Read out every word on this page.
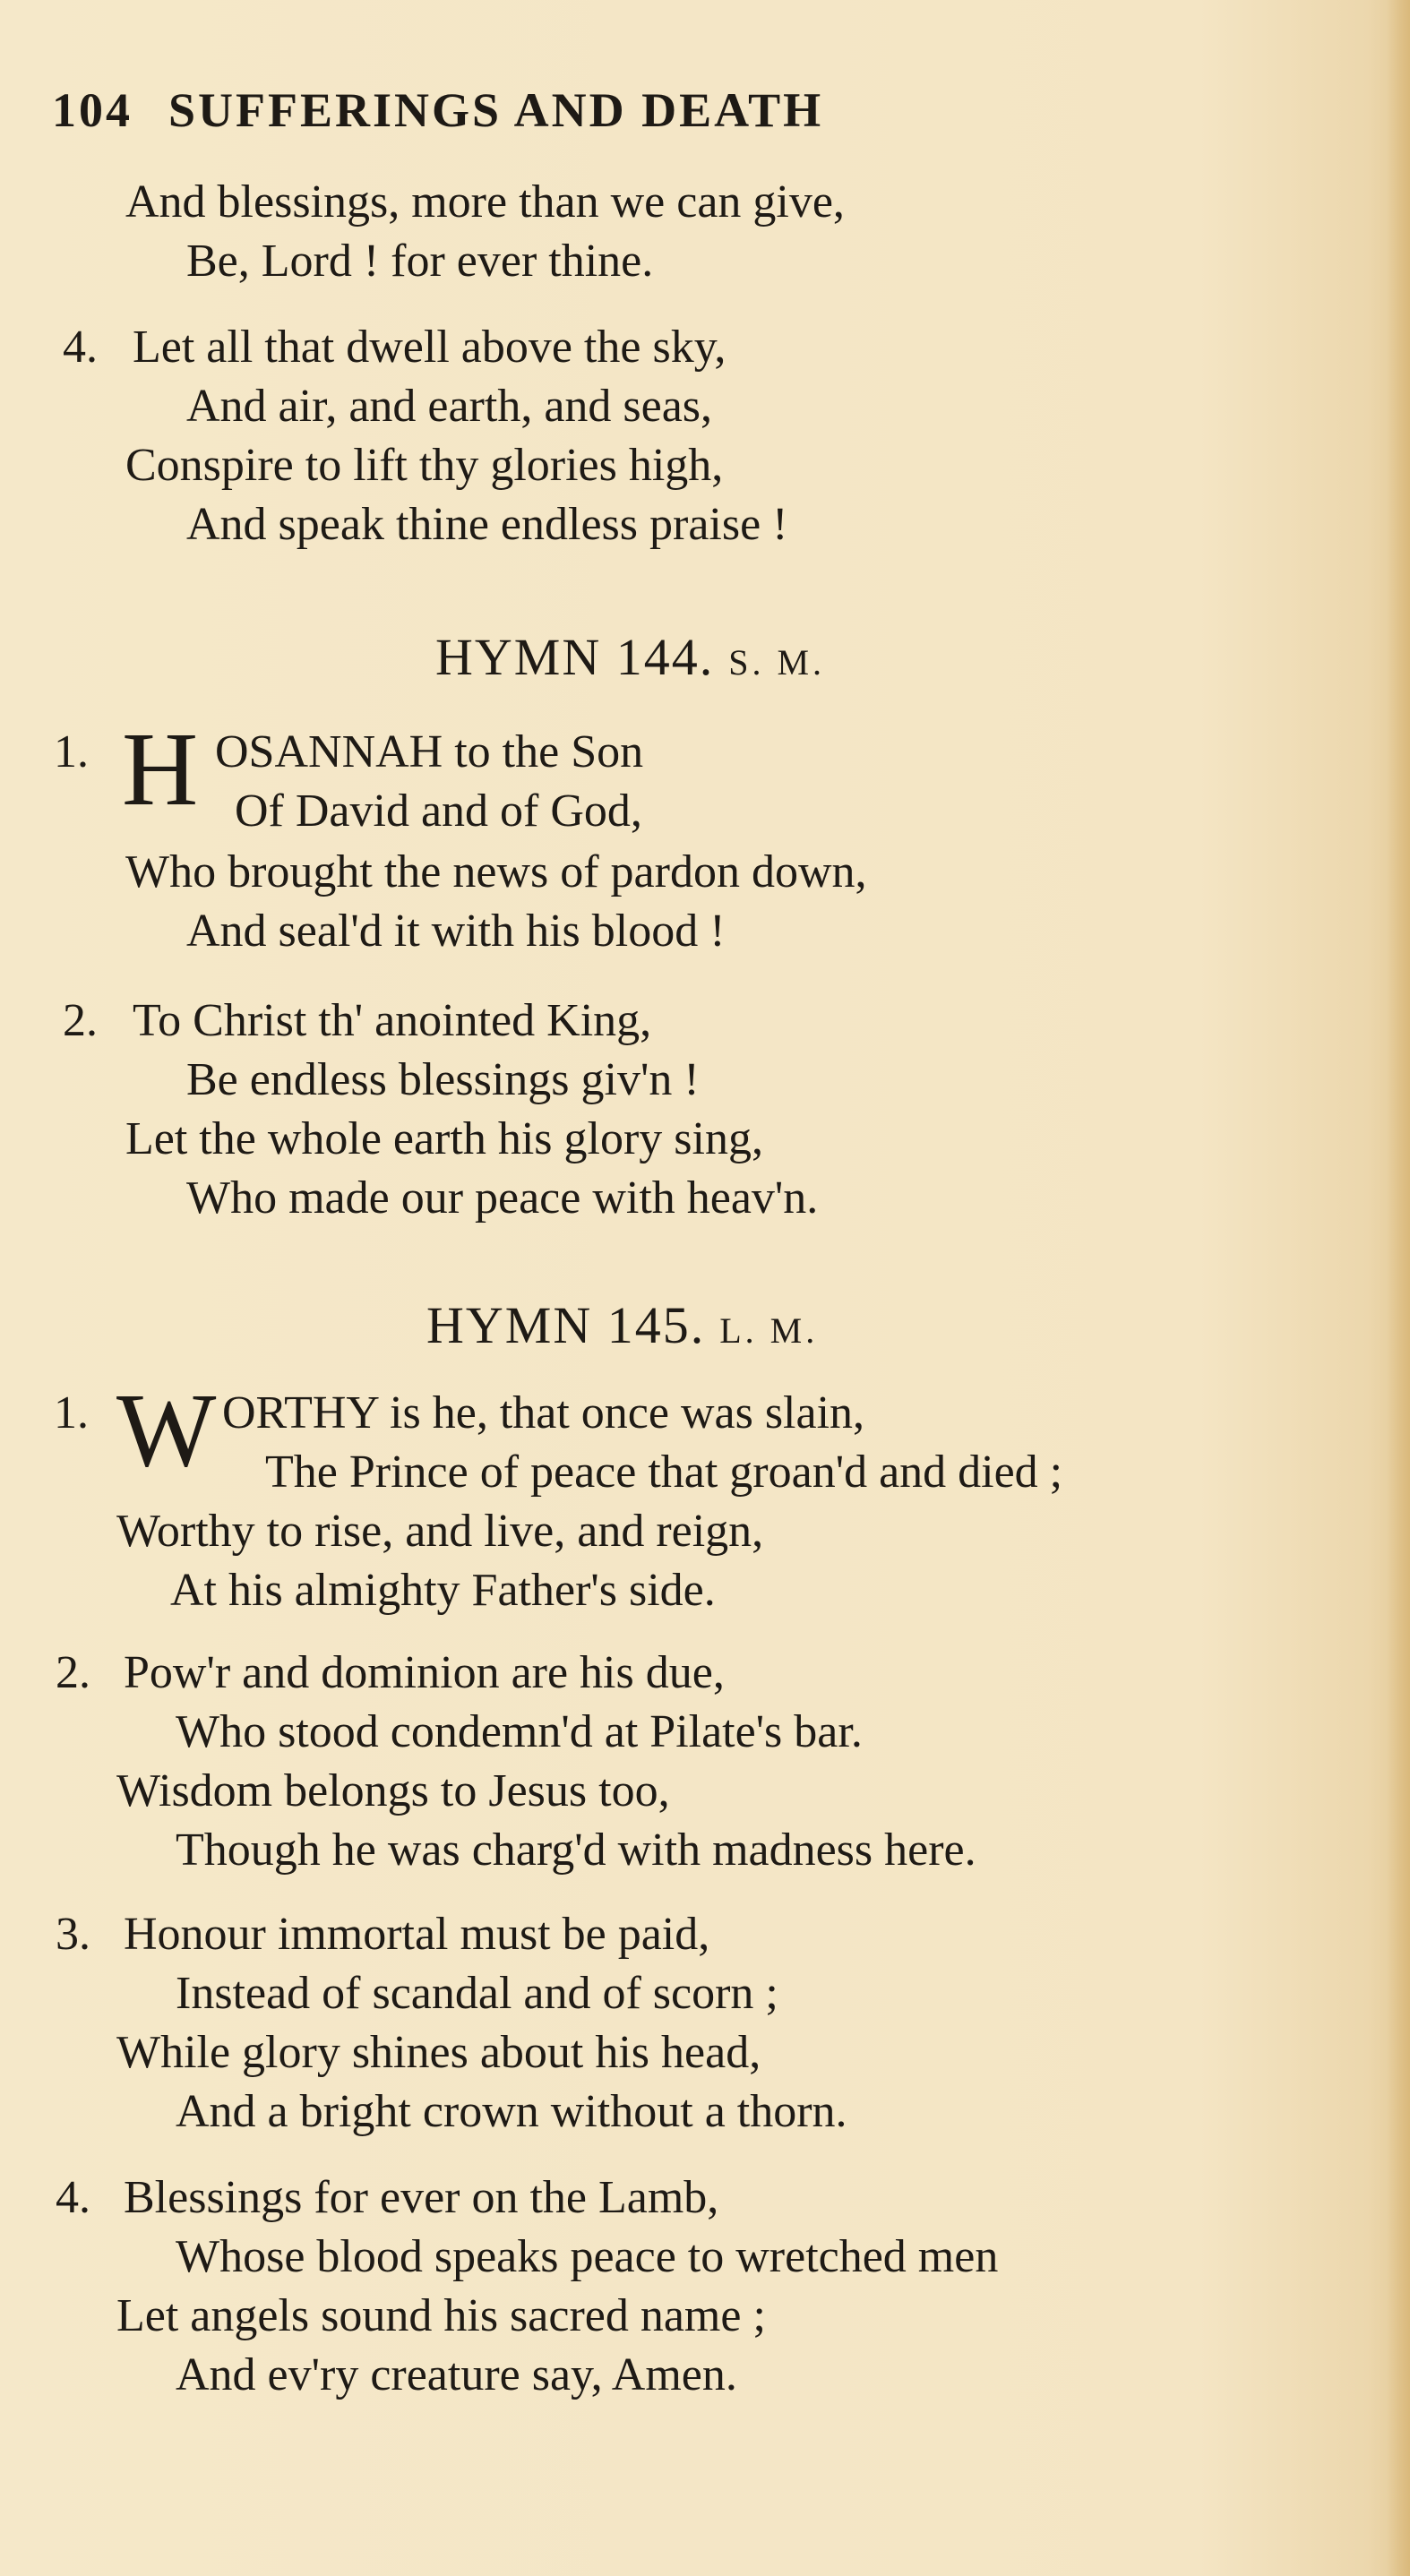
104 SUFFERINGS AND DEATH
And blessings, more than we can give,
Be, Lord ! for ever thine.
4. Let all that dwell above the sky,
And air, and earth, and seas,
Conspire to lift thy glories high,
And speak thine endless praise !
HYMN 144. S. M.
1. H OSANNAH to the Son
Of David and of God,
Who brought the news of pardon down,
And seal'd it with his blood !
2. To Christ th' anointed King,
Be endless blessings giv'n !
Let the whole earth his glory sing,
Who made our peace with heav'n.
HYMN 145. L. M.
1. W ORTHY is he, that once was slain,
The Prince of peace that groan'd and died ;
Worthy to rise, and live, and reign,
At his almighty Father's side.
2. Pow'r and dominion are his due,
Who stood condemn'd at Pilate's bar.
Wisdom belongs to Jesus too,
Though he was charg'd with madness here.
3. Honour immortal must be paid,
Instead of scandal and of scorn ;
While glory shines about his head,
And a bright crown without a thorn.
4. Blessings for ever on the Lamb,
Whose blood speaks peace to wretched men
Let angels sound his sacred name ;
And ev'ry creature say, Amen.
